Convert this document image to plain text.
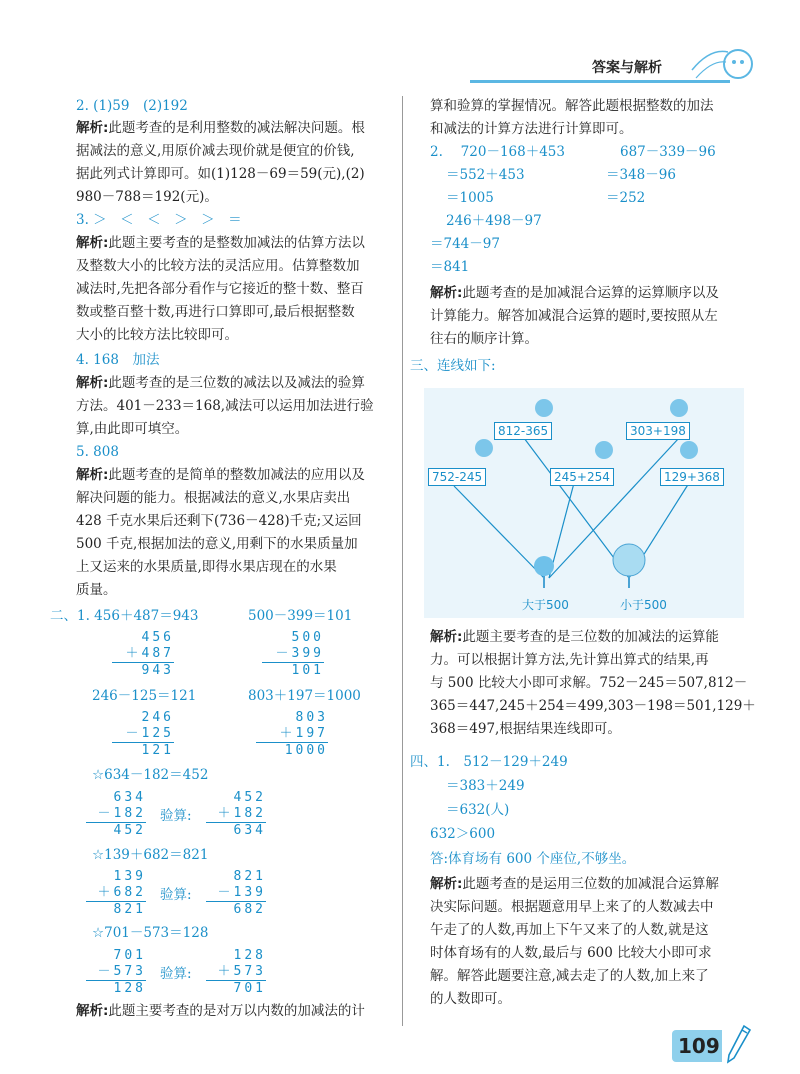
答案与解析
2. (1)59　(2)192
解析:此题考查的是利用整数的减法解决问题。根
据减法的意义,用原价减去现价就是便宜的价钱,
据此列式计算即可。如(1)128－69＝59(元),(2)
980－788＝192(元)。
3. ＞　＜　＜　＞　＞　＝
解析:此题主要考查的是整数加减法的估算方法以
及整数大小的比较方法的灵活应用。估算整数加
减法时,先把各部分看作与它接近的整十数、整百
数或整百整十数,再进行口算即可,最后根据整数
大小的比较方法比较即可。
4. 168　加法
解析:此题考查的是三位数的减法以及减法的验算
方法。401－233＝168,减法可以运用加法进行验
算,由此即可填空。
5. 808
解析:此题考查的是简单的整数加减法的应用以及
解决问题的能力。根据减法的意义,水果店卖出
428 千克水果后还剩下(736－428)千克;又运回
500 千克,根据加法的意义,用剩下的水果质量加
上又运来的水果质量,即得水果店现在的水果
质量。
二、1. 456＋487＝943	500－399＝101
456
＋487
943
500
－399
101
246－125＝121	803＋197＝1000
246
－125
121
803
＋197
1000
☆634－182＝452
634
－182
452
验算:
452
＋182
634
☆139＋682＝821
139
＋682
821
验算:
821
－139
682
☆701－573＝128
701
－573
128
验算:
128
＋573
701
解析:此题主要考查的是对万以内数的加减法的计
算和验算的掌握情况。解答此题根据整数的加法
和减法的计算方法进行计算即可。
2.　 720－168＋453
＝552＋453
＝1005
687－339－96
＝348－96
＝252
246＋498－97
＝744－97
＝841
解析:此题考查的是加减混合运算的运算顺序以及
计算能力。解答加减混合运算的题时,要按照从左
往右的顺序计算。
三、连线如下:
812-365	303+198
752-245	245+254	129+368
大于500	小于500
解析:此题主要考查的是三位数的加减法的运算能
力。可以根据计算方法,先计算出算式的结果,再
与 500 比较大小即可求解。752－245＝507,812－
365＝447,245＋254＝499,303－198＝501,129＋
368＝497,根据结果连线即可。
四、1.　512－129＋249
＝383＋249
＝632(人)
632＞600
答:体育场有 600 个座位,不够坐。
解析:此题考查的是运用三位数的加减混合运算解
决实际问题。根据题意用早上来了的人数减去中
午走了的人数,再加上下午又来了的人数,就是这
时体育场有的人数,最后与 600 比较大小即可求
解。解答此题要注意,减去走了的人数,加上来了
的人数即可。
109
